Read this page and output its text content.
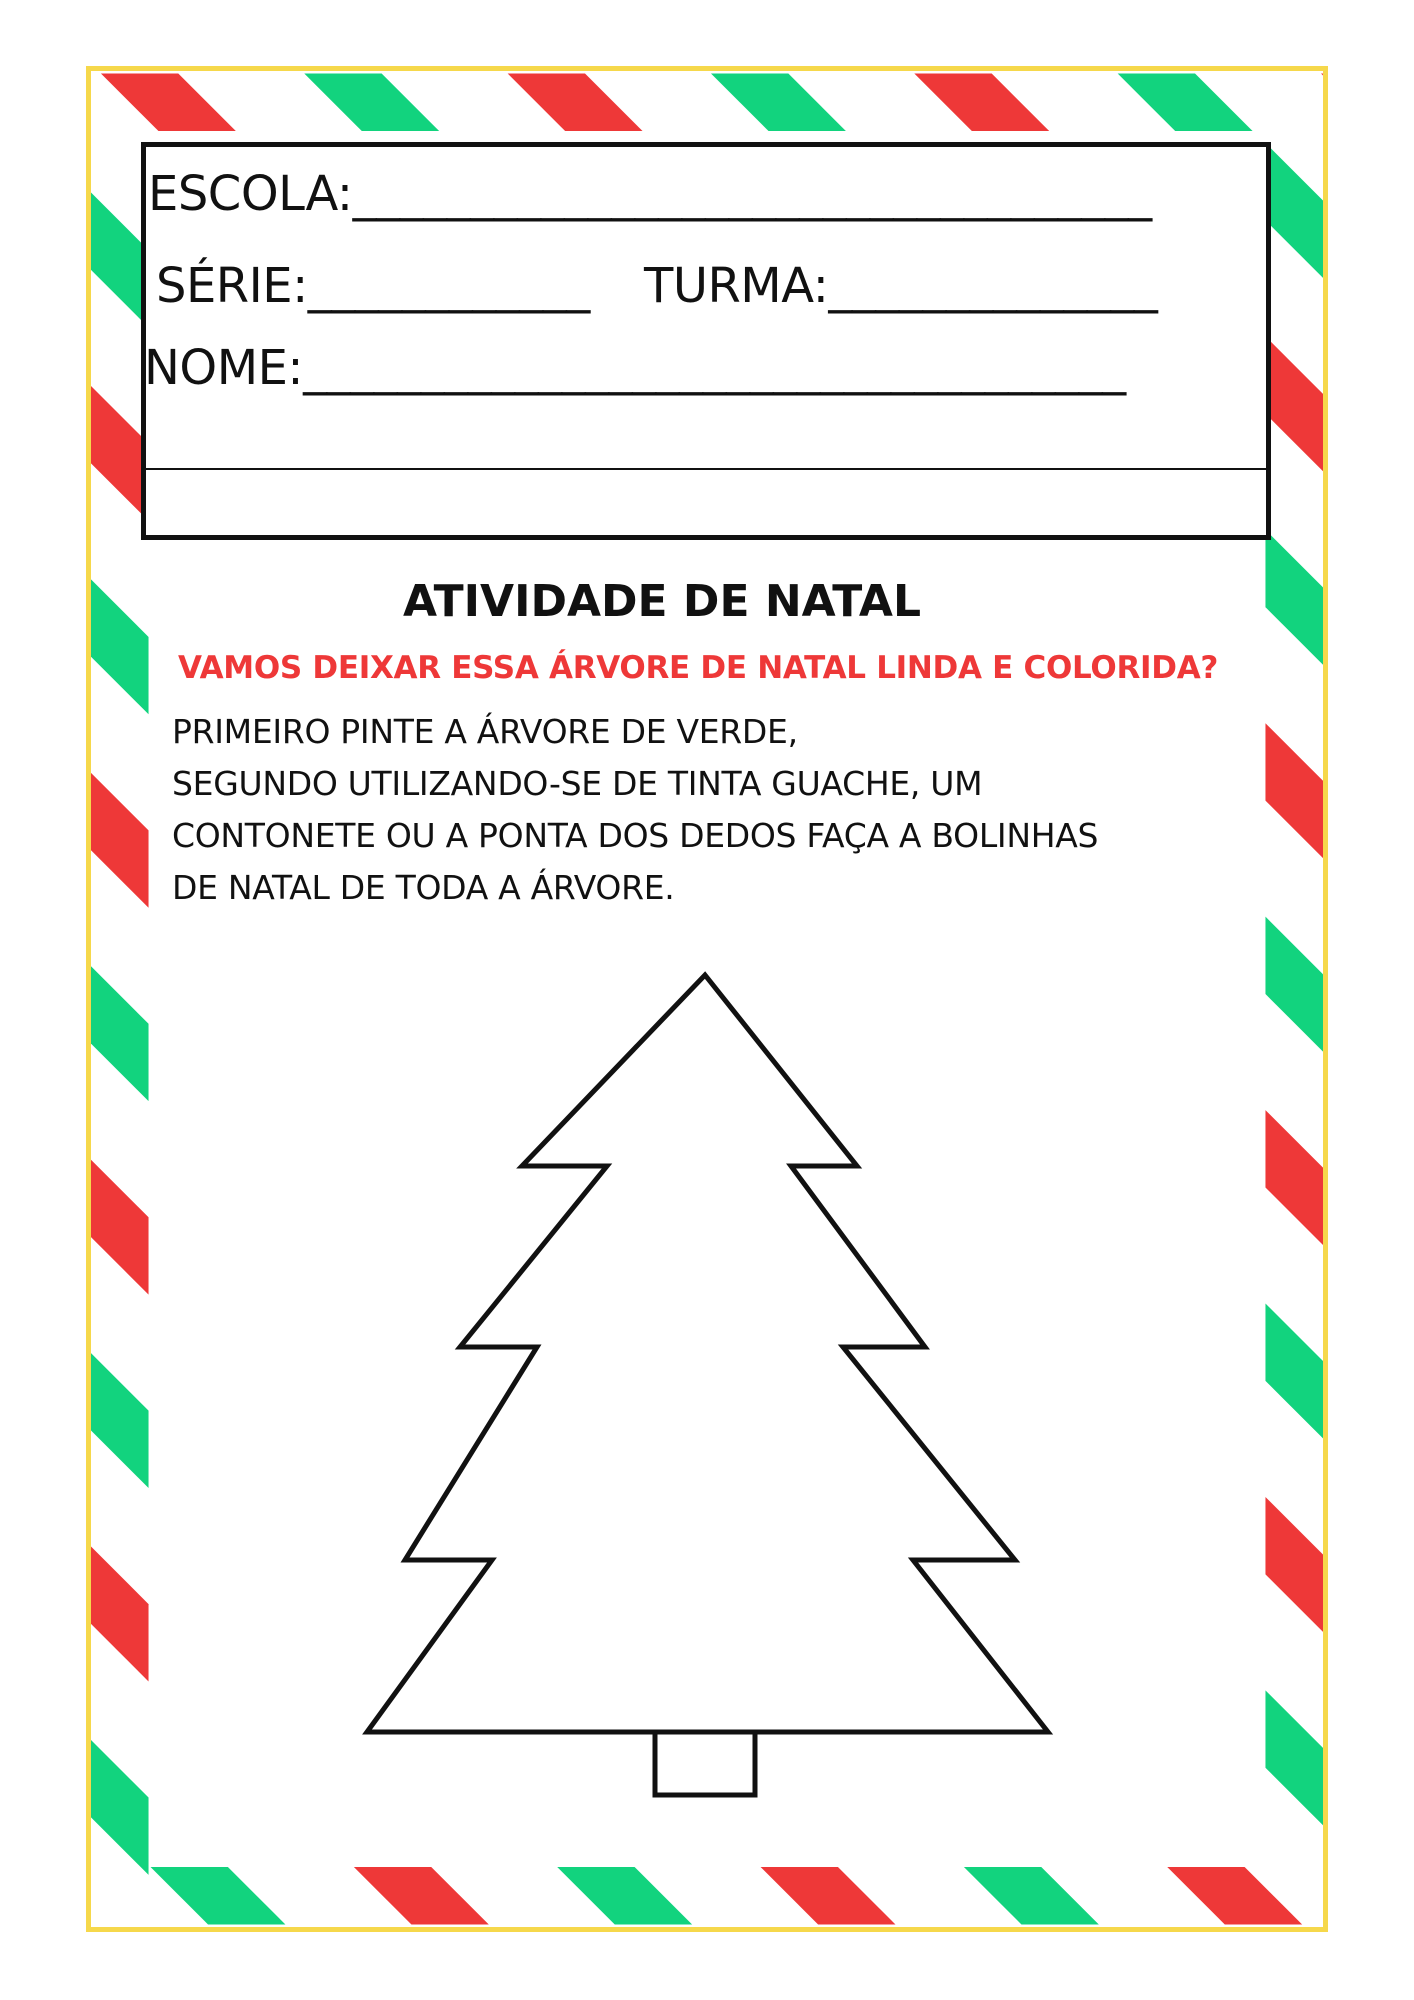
ESCOLA:__________________________________
SÉRIE:____________ TURMA:______________
NOME:___________________________________
ATIVIDADE DE NATAL
VAMOS DEIXAR ESSA ÁRVORE DE NATAL LINDA E COLORIDA?
PRIMEIRO PINTE A ÁRVORE DE VERDE,
SEGUNDO UTILIZANDO-SE DE TINTA GUACHE, UM
CONTONETE OU A PONTA DOS DEDOS FAÇA A BOLINHAS
DE NATAL DE TODA A ÁRVORE.
